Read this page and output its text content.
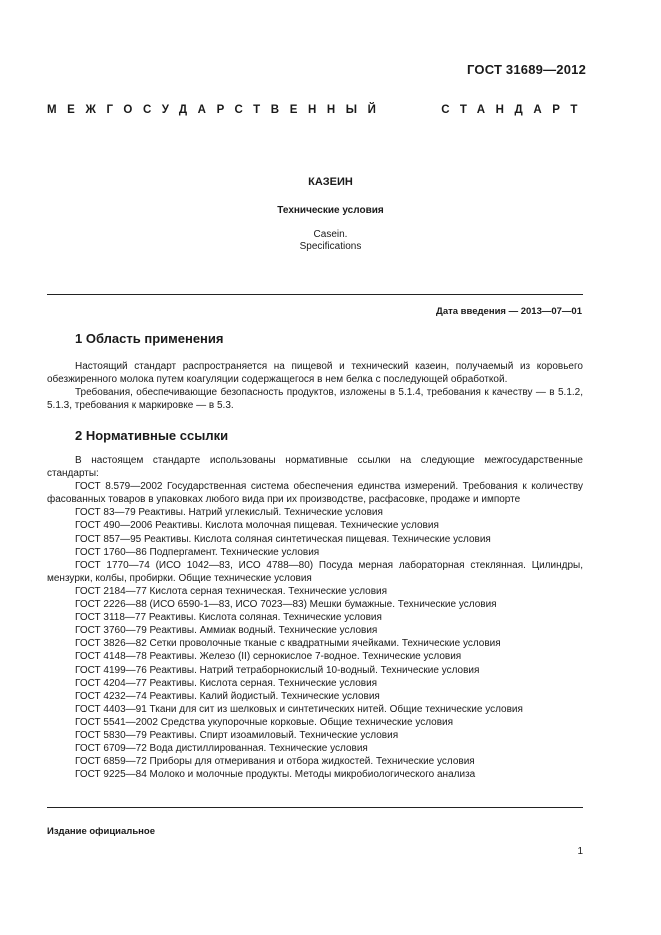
ГОСТ 31689—2012
МЕЖГОСУДАРСТВЕННЫЙ	СТАНДАРТ
КАЗЕИН
Технические условия
Casein.
Specifications
Дата введения — 2013—07—01
1 Область применения
Настоящий стандарт распространяется на пищевой и технический казеин, получаемый из коровьего обезжиренного молока путем коагуляции содержащегося в нем белка с последующей обработкой.
Требования, обеспечивающие безопасность продуктов, изложены в 5.1.4, требования к качеству — в 5.1.2, 5.1.3, требования к маркировке — в 5.3.
2 Нормативные ссылки
В настоящем стандарте использованы нормативные ссылки на следующие межгосударственные стандарты:
ГОСТ 8.579—2002 Государственная система обеспечения единства измерений. Требования к количеству фасованных товаров в упаковках любого вида при их производстве, расфасовке, продаже и импорте
ГОСТ 83—79 Реактивы. Натрий углекислый. Технические условия
ГОСТ 490—2006 Реактивы. Кислота молочная пищевая. Технические условия
ГОСТ 857—95 Реактивы. Кислота соляная синтетическая пищевая. Технические условия
ГОСТ 1760—86 Подпергамент. Технические условия
ГОСТ 1770—74 (ИСО 1042—83, ИСО 4788—80) Посуда мерная лабораторная стеклянная. Цилиндры, мензурки, колбы, пробирки. Общие технические условия
ГОСТ 2184—77 Кислота серная техническая. Технические условия
ГОСТ 2226—88 (ИСО 6590-1—83, ИСО 7023—83) Мешки бумажные. Технические условия
ГОСТ 3118—77 Реактивы. Кислота соляная. Технические условия
ГОСТ 3760—79 Реактивы. Аммиак водный. Технические условия
ГОСТ 3826—82 Сетки проволочные тканые с квадратными ячейками. Технические условия
ГОСТ 4148—78 Реактивы. Железо (II) сернокислое 7-водное. Технические условия
ГОСТ 4199—76 Реактивы. Натрий тетраборнокислый 10-водный. Технические условия
ГОСТ 4204—77 Реактивы. Кислота серная. Технические условия
ГОСТ 4232—74 Реактивы. Калий йодистый. Технические условия
ГОСТ 4403—91 Ткани для сит из шелковых и синтетических нитей. Общие технические условия
ГОСТ 5541—2002 Средства укупорочные корковые. Общие технические условия
ГОСТ 5830—79 Реактивы. Спирт изоамиловый. Технические условия
ГОСТ 6709—72 Вода дистиллированная. Технические условия
ГОСТ 6859—72 Приборы для отмеривания и отбора жидкостей. Технические условия
ГОСТ 9225—84 Молоко и молочные продукты. Методы микробиологического анализа
Издание официальное
1
